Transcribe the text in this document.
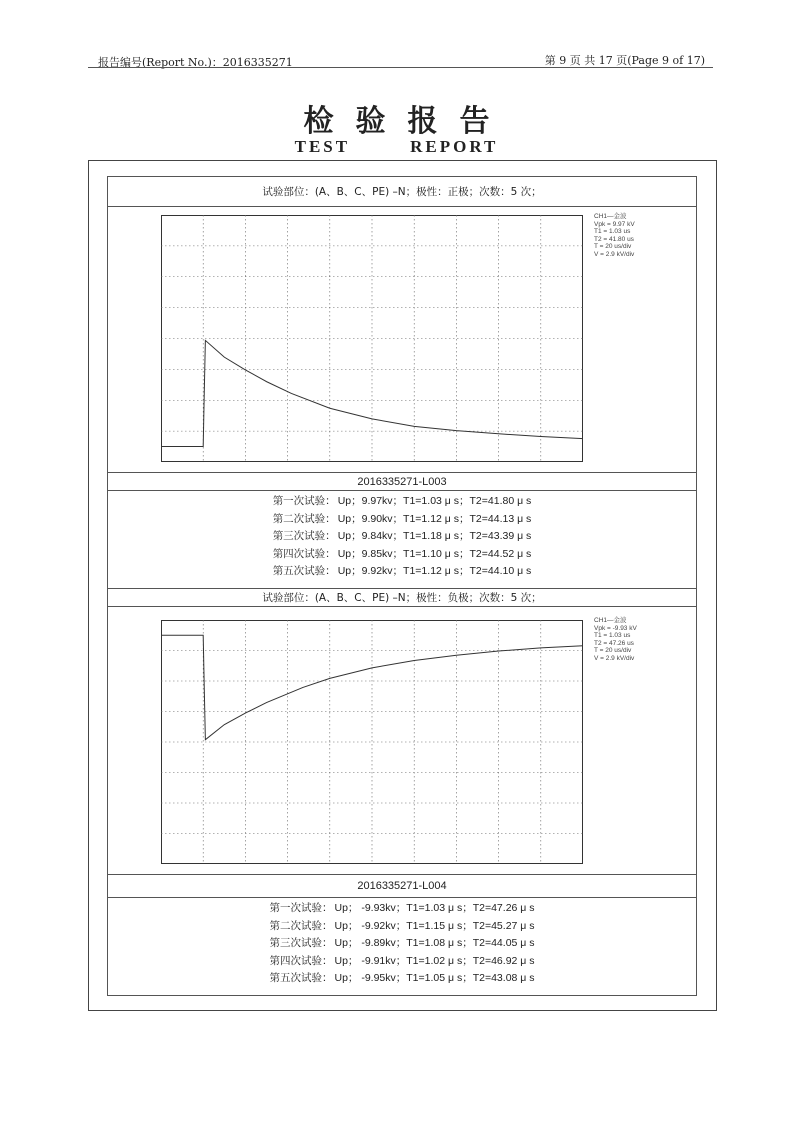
报告编号(Report No.)：2016335271	第 9 页 共 17 页(Page 9 of 17)
检验报告
TEST	REPORT
试验部位：(A、B、C、PE) –N；极性：正极；次数：5 次；
2016335271-L003
第一次试验： Up；9.97kv；T1=1.03 μ s；T2=41.80 μ s
第二次试验： Up；9.90kv；T1=1.12 μ s；T2=44.13 μ s
第三次试验： Up；9.84kv；T1=1.18 μ s；T2=43.39 μ s
第四次试验： Up；9.85kv；T1=1.10 μ s；T2=44.52 μ s
第五次试验： Up；9.92kv；T1=1.12 μ s；T2=44.10 μ s
试验部位：(A、B、C、PE) –N；极性：负极；次数：5 次；
2016335271-L004
第一次试验： Up； -9.93kv；T1=1.03 μ s；T2=47.26 μ s
第二次试验： Up； -9.92kv；T1=1.15 μ s；T2=45.27 μ s
第三次试验： Up； -9.89kv；T1=1.08 μ s；T2=44.05 μ s
第四次试验： Up； -9.91kv；T1=1.02 μ s；T2=46.92 μ s
第五次试验： Up； -9.95kv；T1=1.05 μ s；T2=43.08 μ s
CH1—金波
Vpk = 9.97 kV
T1 = 1.03 us
T2 = 41.80 us
T = 20 us/div
V = 2.9 kV/div
CH1—金波
Vpk = -9.93 kV
T1 = 1.03 us
T2 = 47.26 us
T = 20 us/div
V = 2.9 kV/div
